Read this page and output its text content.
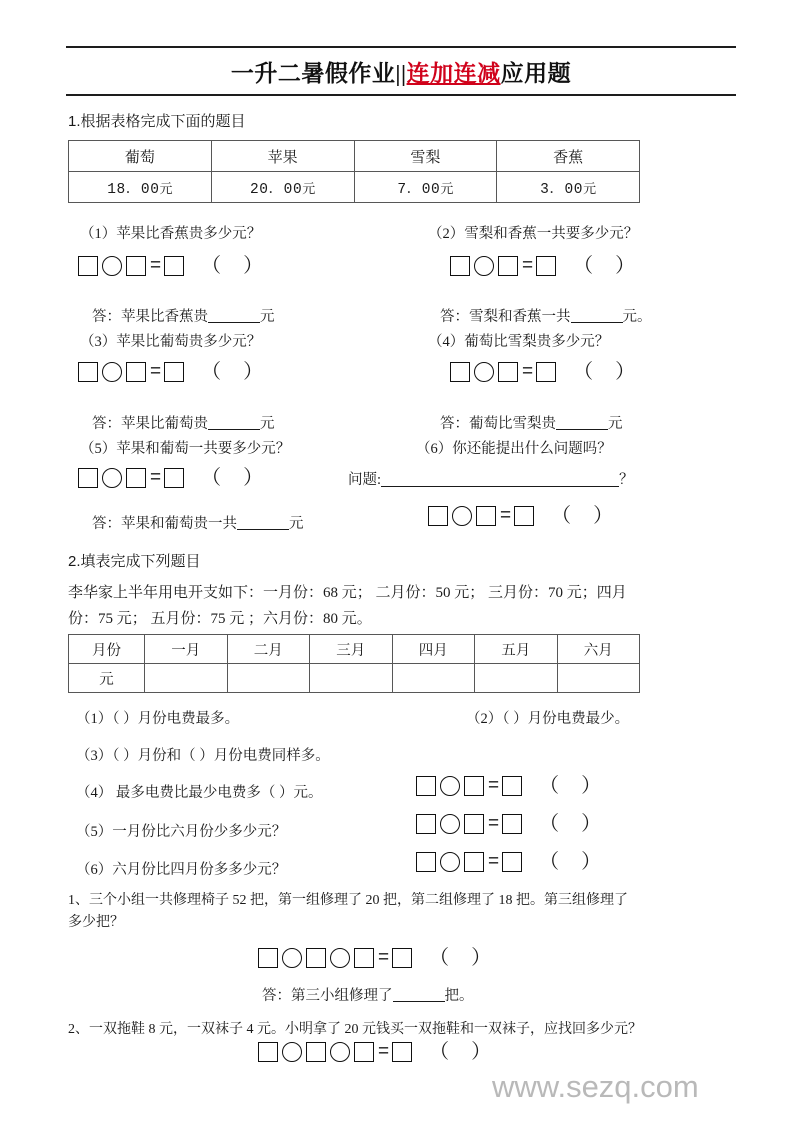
一升二暑假作业||连加连减应用题
1.根据表格完成下面的题目
葡萄	苹果	雪梨	香蕉
18．00元	20．00元	7．00元	3．00元
（1）苹果比香蕉贵多少元？
= （）
答：苹果比香蕉贵	元
（2）雪梨和香蕉一共要多少元？
= （）
答：雪梨和香蕉一共	元。
（3）苹果比葡萄贵多少元？
= （）
答：苹果比葡萄贵	元
（4）葡萄比雪梨贵多少元？
= （）
答：葡萄比雪梨贵	元
（5）苹果和葡萄一共要多少元？
= （）
答：苹果和葡萄贵一共	元
（6）你还能提出什么问题吗？
问题:	？
= （）
2.填表完成下列题目
李华家上半年用电开支如下：一月份：68 元； 二月份：50 元； 三月份：70 元；四月
份：75 元； 五月份：75 元 ；六月份：80 元。
月份	一月	二月	三月	四月	五月	六月
元						
（1）（ ）月份电费最多。	（2）（ ）月份电费最少。
（3）（ ）月份和（ ）月份电费同样多。
（4） 最多电费比最少电费多（ ）元。	= （）
（5）一月份比六月份少多少元？	= （）
（6）六月份比四月份多多少元？	= （）
1、三个小组一共修理椅子 52 把，第一组修理了 20 把，第二组修理了 18 把。第三组修理了
多少把？
= （）
答：第三小组修理了	把。
2、一双拖鞋 8 元，一双袜子 4 元。小明拿了 20 元钱买一双拖鞋和一双袜子，应找回多少元？
= （）
www.sezq.com
